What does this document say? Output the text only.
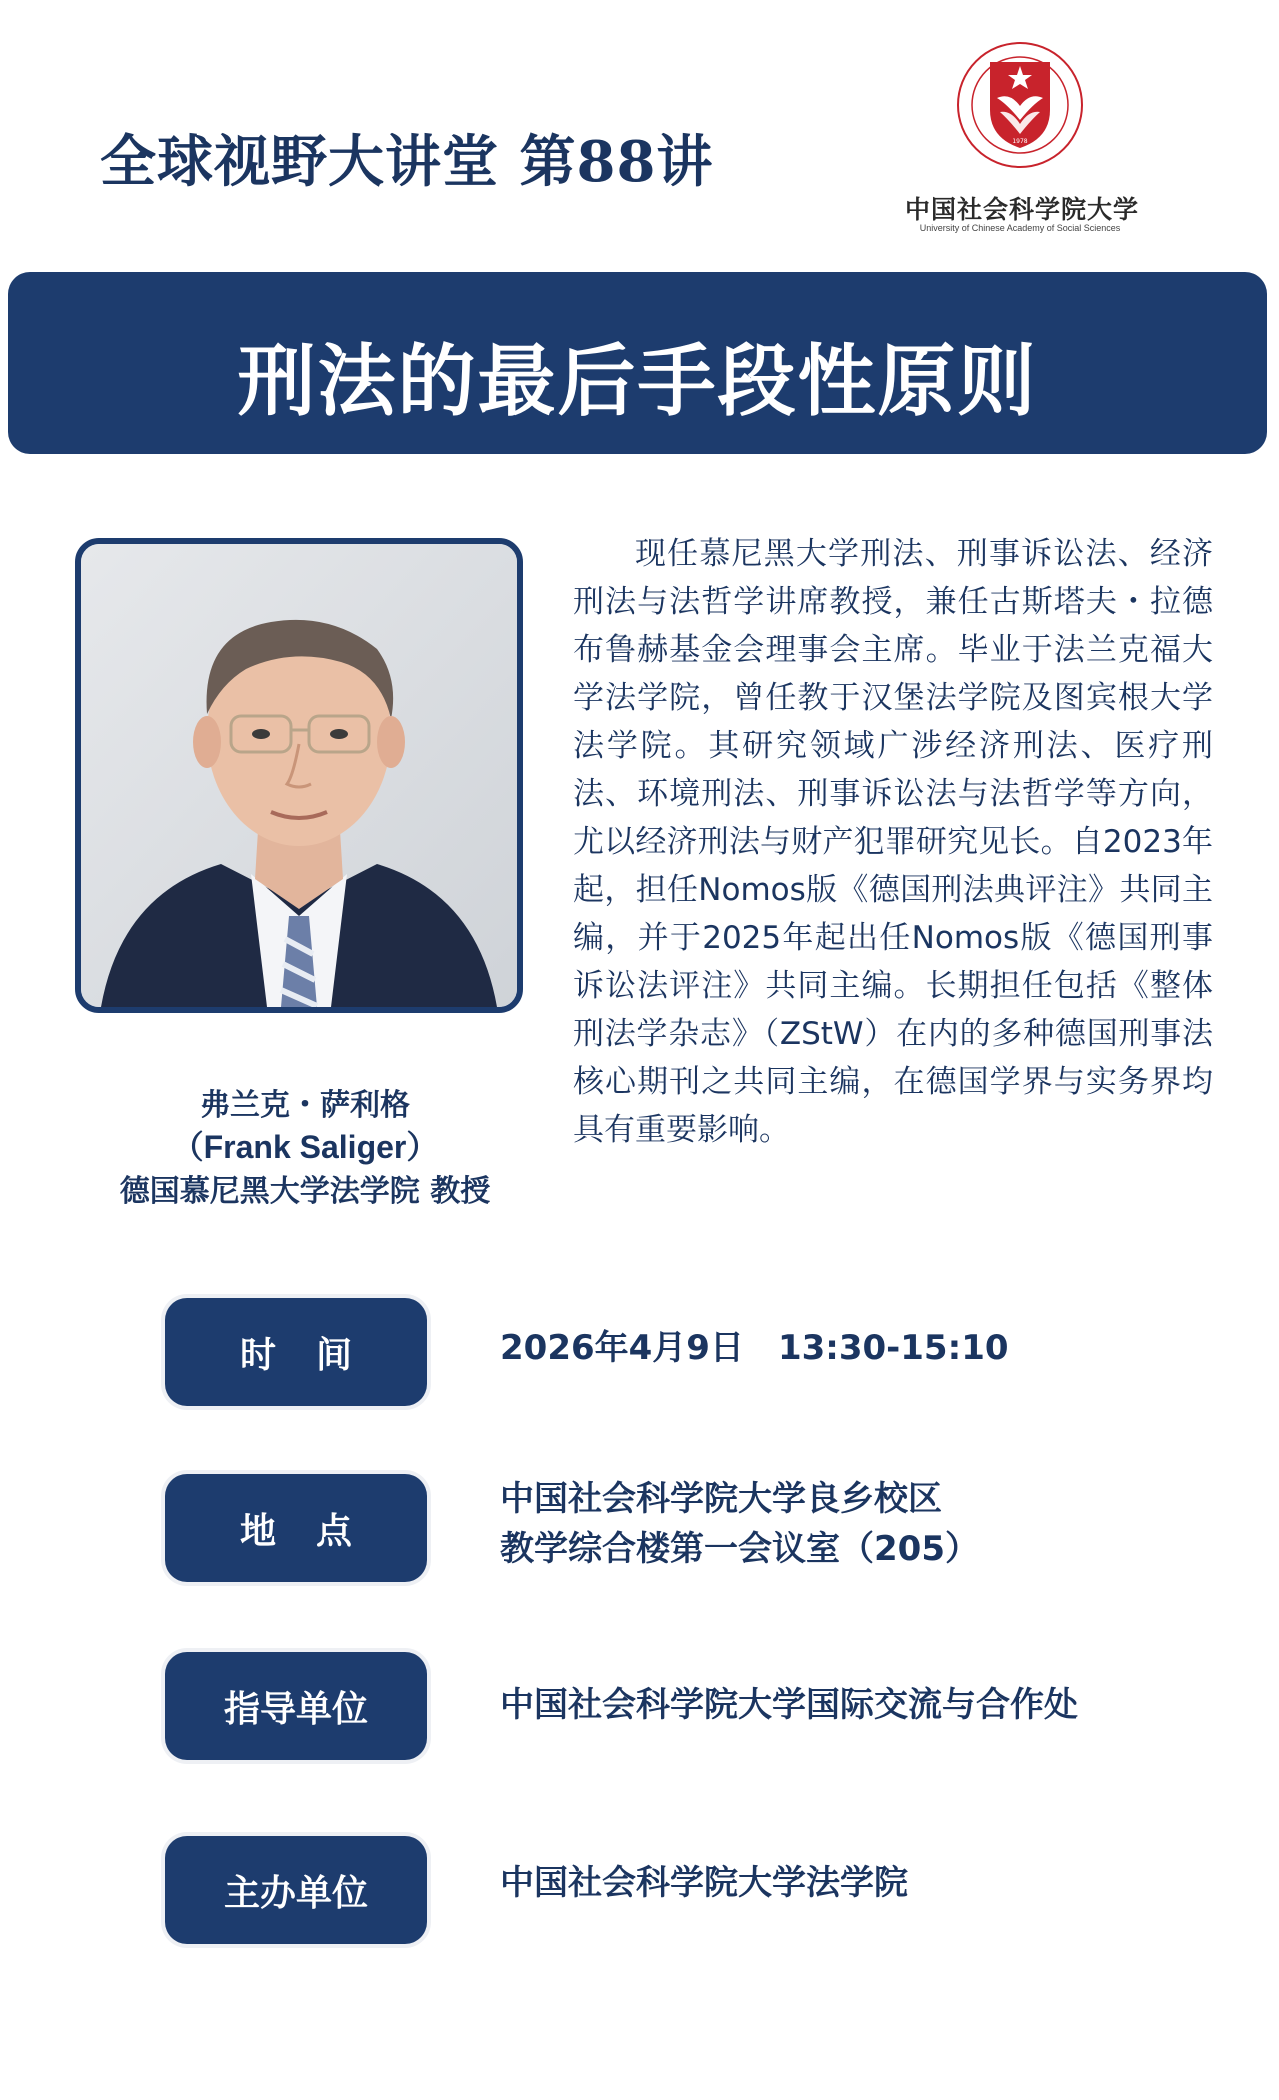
全球视野大讲堂 第88讲	1978
中国社会科学院大学
University of Chinese Academy of Social Sciences
刑法的最后手段性原则
弗兰克・萨利格
（Frank Saliger）
德国慕尼黑大学法学院 教授

现任慕尼黑大学刑法、刑事诉讼法、经济刑法与法哲学讲席教授，兼任古斯塔夫・拉德布鲁赫基金会理事会主席。毕业于法兰克福大学法学院，曾任教于汉堡法学院及图宾根大学法学院。其研究领域广涉经济刑法、医疗刑法、环境刑法、刑事诉讼法与法哲学等方向，尤以经济刑法与财产犯罪研究见长。自2023年起，担任Nomos版《德国刑法典评注》共同主编，并于2025年起出任Nomos版《德国刑事诉讼法评注》共同主编。长期担任包括《整体刑法学杂志》（ZStW）在内的多种德国刑事法核心期刊之共同主编，在德国学界与实务界均具有重要影响。

时间	2026年4月9日　13:30-15:10
地点
中国社会科学院大学良乡校区
教学综合楼第一会议室（205）
指导单位	中国社会科学院大学国际交流与合作处
主办单位	中国社会科学院大学法学院
